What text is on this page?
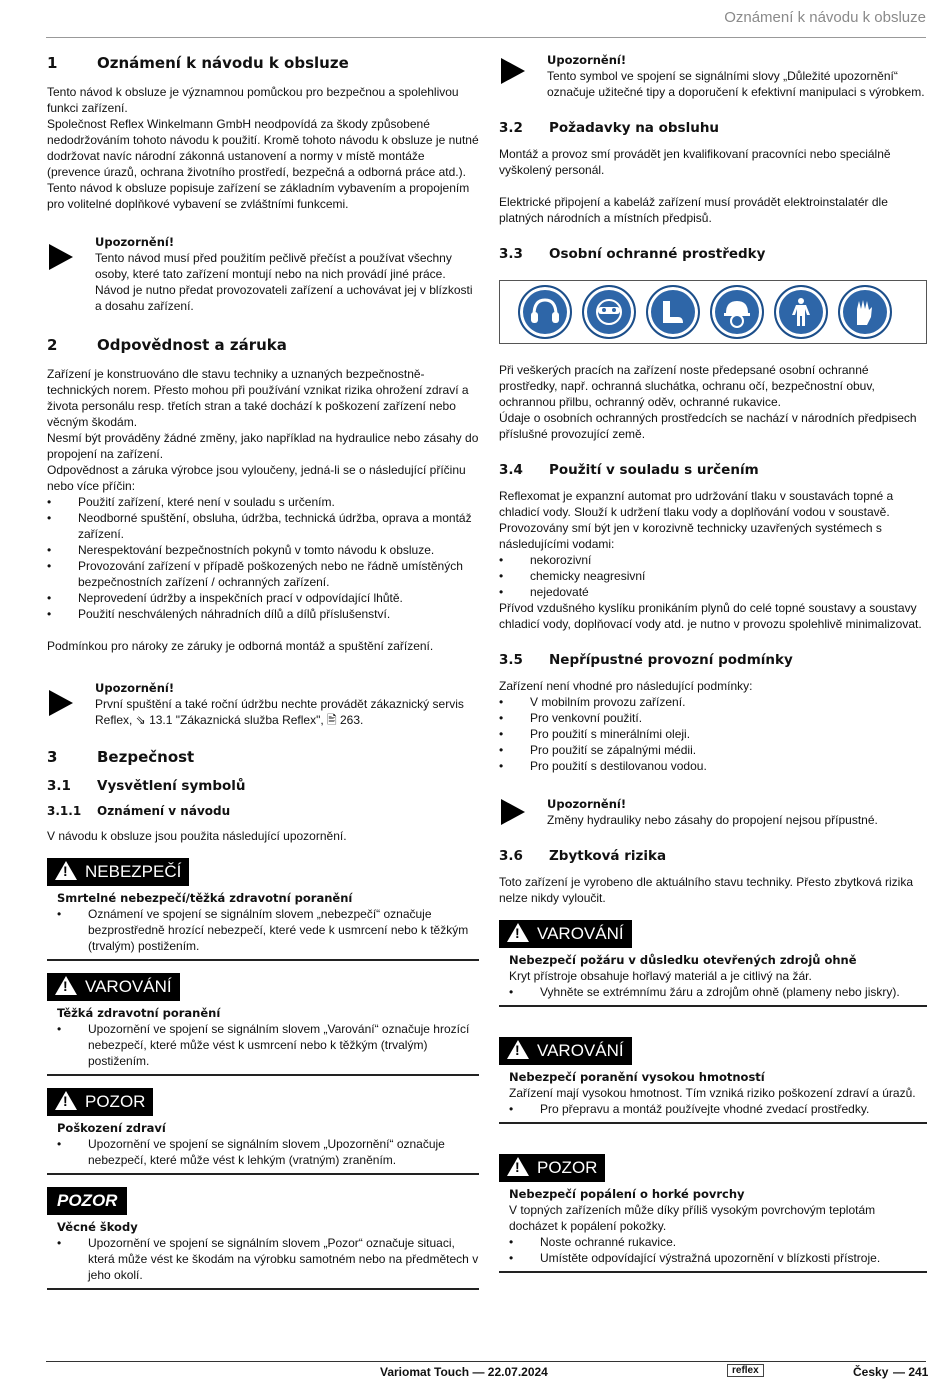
Oznámení k návodu k obsluze
1	Oznámení k návodu k obsluze

Tento návod k obsluze je významnou pomůckou pro bezpečnou a spolehlivou funkci zařízení.

Společnost Reflex Winkelmann GmbH neodpovídá za škody způsobené nedodržováním tohoto návodu k použití. Kromě tohoto návodu k obsluze je nutné dodržovat navíc národní zákonná ustanovení a normy v místě montáže (prevence úrazů, ochrana životního prostředí, bezpečná a odborná práce atd.).

Tento návod k obsluze popisuje zařízení se základním vybavením a propojením pro volitelné doplňkové vybavení se zvláštními funkcemi.

Upozornění!

Tento návod musí před použitím pečlivě přečíst a používat všechny osoby, které tato zařízení montují nebo na nich provádí jiné práce. Návod je nutno předat provozovateli zařízení a uchovávat jej v blízkosti a dosahu zařízení.

2	Odpovědnost a záruka

Zařízení je konstruováno dle stavu techniky a uznaných bezpečnostně-technických norem. Přesto mohou při používání vznikat rizika ohrožení zdraví a života personálu resp. třetích stran a také dochází k poškození zařízení nebo věcným škodám.

Nesmí být prováděny žádné změny, jako například na hydraulice nebo zásahy do propojení na zařízení.

Odpovědnost a záruka výrobce jsou vyloučeny, jedná-li se o následující příčinu nebo více příčin:

• Použití zařízení, které není v souladu s určením.
• Neodborné spuštění, obsluha, údržba, technická údržba, oprava a montáž zařízení.
• Nerespektování bezpečnostních pokynů v tomto návodu k obsluze.
• Provozování zařízení v případě poškozených nebo ne řádně umístěných bezpečnostních zařízení / ochranných zařízení.
• Neprovedení údržby a inspekčních prací v odpovídající lhůtě.
• Použití neschválených náhradních dílů a dílů příslušenství.

Podmínkou pro nároky ze záruky je odborná montáž a spuštění zařízení.

Upozornění!

První spuštění a také roční údržbu nechte provádět zákaznický servis Reflex, ⇘ 13.1 "Zákaznická služba Reflex", 🖹 263.

3	Bezpečnost
3.1	Vysvětlení symbolů
3.1.1	Oznámení v návodu

V návodu k obsluze jsou použita následující upozornění.

!
NEBEZPEČÍ
Smrtelné nebezpečí/těžká zdravotní poranění
• Oznámení ve spojení se signálním slovem „nebezpečí“ označuje bezprostředně hrozící nebezpečí, které vede k usmrcení nebo k těžkým (trvalým) postižením.
!
VAROVÁNÍ
Těžká zdravotní poranění
• Upozornění ve spojení se signálním slovem „Varování“ označuje hrozící nebezpečí, které může vést k usmrcení nebo k těžkým (trvalým) postižením.
!
POZOR
Poškození zdraví
• Upozornění ve spojení se signálním slovem „Upozornění“ označuje nebezpečí, které může vést k lehkým (vratným) zraněním.
POZOR
Věcné škody
• Upozornění ve spojení se signálním slovem „Pozor“ označuje situaci, která může vést ke škodám na výrobku samotném nebo na předmětech v jeho okolí.
Upozornění!

Tento symbol ve spojení se signálními slovy „Důležité upozornění“ označuje užitečné tipy a doporučení k efektivní manipulaci s výrobkem.

3.2	Požadavky na obsluhu

Montáž a provoz smí provádět jen kvalifikovaní pracovníci nebo speciálně vyškolený personál.

Elektrické připojení a kabeláž zařízení musí provádět elektroinstalatér dle platných národních a místních předpisů.

3.3	Osobní ochranné prostředky

Při veškerých pracích na zařízení noste předepsané osobní ochranné prostředky, např. ochranná sluchátka, ochranu očí, bezpečnostní obuv, ochrannou přilbu, ochranný oděv, ochranné rukavice.

Údaje o osobních ochranných prostředcích se nachází v národních předpisech příslušné provozující země.

3.4	Použití v souladu s určením

Reflexomat je expanzní automat pro udržování tlaku v soustavách topné a chladicí vody. Slouží k udržení tlaku vody a doplňování vodou v soustavě. Provozovány smí být jen v korozivně technicky uzavřených systémech s následujícími vodami:

• nekorozivní
• chemicky neagresivní
• nejedovaté

Přívod vzdušného kyslíku pronikáním plynů do celé topné soustavy a soustavy chladicí vody, doplňovací vody atd. je nutno v provozu spolehlivě minimalizovat.

3.5	Nepřípustné provozní podmínky

Zařízení není vhodné pro následující podmínky:

• V mobilním provozu zařízení.
• Pro venkovní použití.
• Pro použití s minerálními oleji.
• Pro použití se zápalnými médii.
• Pro použití s destilovanou vodou.
Upozornění!

Změny hydrauliky nebo zásahy do propojení nejsou přípustné.

3.6	Zbytková rizika

Toto zařízení je vyrobeno dle aktuálního stavu techniky. Přesto zbytková rizika nelze nikdy vyloučit.

!
VAROVÁNÍ
Nebezpečí požáru v důsledku otevřených zdrojů ohně

Kryt přístroje obsahuje hořlavý materiál a je citlivý na žár.

• Vyhněte se extrémnímu žáru a zdrojům ohně (plameny nebo jiskry).
!
VAROVÁNÍ
Nebezpečí poranění vysokou hmotností

Zařízení mají vysokou hmotnost. Tím vzniká riziko poškození zdraví a úrazů.

• Pro přepravu a montáž používejte vhodné zvedací prostředky.
!
POZOR
Nebezpečí popálení o horké povrchy

V topných zařízeních může díky příliš vysokým povrchovým teplotám docházet k popálení pokožky.

• Noste ochranné rukavice.
• Umístěte odpovídající výstražná upozornění v blízkosti přístroje.
Variomat Touch — 22.07.2024	reflex	Česky — 241
